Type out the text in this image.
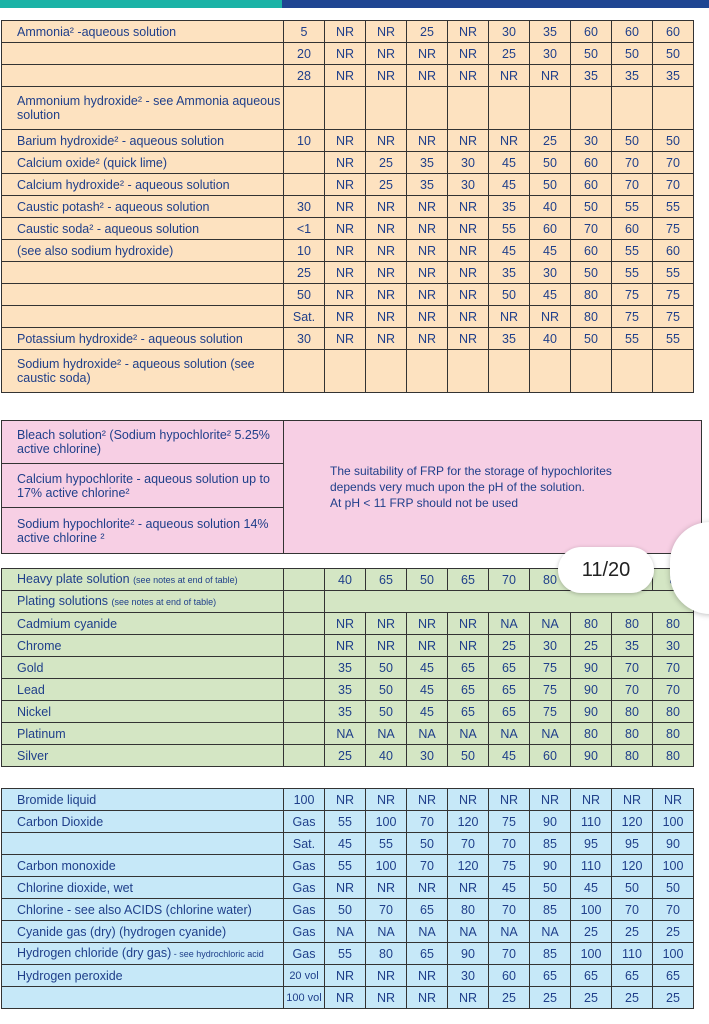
Ammonia² -aqueous solution	5	NR	NR	25	NR	30	35	60	60	60
	20	NR	NR	NR	NR	25	30	50	50	50
	28	NR	NR	NR	NR	NR	NR	35	35	35
Ammonium hydroxide² - see Ammonia aqueous solution										
Barium hydroxide² - aqueous solution	10	NR	NR	NR	NR	NR	25	30	50	50
Calcium oxide² (quick lime)		NR	25	35	30	45	50	60	70	70
Calcium hydroxide² - aqueous solution		NR	25	35	30	45	50	60	70	70
Caustic potash² - aqueous solution	30	NR	NR	NR	NR	35	40	50	55	55
Caustic soda² - aqueous solution	<1	NR	NR	NR	NR	55	60	70	60	75
(see also sodium hydroxide)	10	NR	NR	NR	NR	45	45	60	55	60
	25	NR	NR	NR	NR	35	30	50	55	55
	50	NR	NR	NR	NR	50	45	80	75	75
	Sat.	NR	NR	NR	NR	NR	NR	80	75	75
Potassium hydroxide² - aqueous solution	30	NR	NR	NR	NR	35	40	50	55	55
Sodium hydroxide² - aqueous solution (see caustic soda)										
Bleach solution² (Sodium hypochlorite² 5.25% active chlorine)	
The suitability of FRP for the storage of hypochlorites
depends very much upon the pH of the solution.
At pH < 11 FRP should not be used

Calcium hypochlorite - aqueous solution up to 17% active chlorine²
Sodium hypochlorite² - aqueous solution 14% active chlorine ²
Heavy plate solution (see notes at end of table)		40	65	50	65	70	80			
Plating solutions (see notes at end of table)										
Cadmium cyanide		NR	NR	NR	NR	NA	NA	80	80	80
Chrome		NR	NR	NR	NR	25	30	25	35	30
Gold		35	50	45	65	65	75	90	70	70
Lead		35	50	45	65	65	75	90	70	70
Nickel		35	50	45	65	65	75	90	80	80
Platinum		NA	NA	NA	NA	NA	NA	80	80	80
Silver		25	40	30	50	45	60	90	80	80
Bromide liquid	100	NR	NR	NR	NR	NR	NR	NR	NR	NR
Carbon Dioxide	Gas	55	100	70	120	75	90	110	120	100
	Sat.	45	55	50	70	70	85	95	95	90
Carbon monoxide	Gas	55	100	70	120	75	90	110	120	100
Chlorine dioxide, wet	Gas	NR	NR	NR	NR	45	50	45	50	50
Chlorine - see also ACIDS (chlorine water)	Gas	50	70	65	80	70	85	100	70	70
Cyanide gas (dry) (hydrogen cyanide)	Gas	NA	NA	NA	NA	NA	NA	25	25	25
Hydrogen chloride (dry gas) - see hydrochloric acid	Gas	55	80	65	90	70	85	100	110	100
Hydrogen peroxide	20 vol	NR	NR	NR	30	60	65	65	65	65
	100 vol	NR	NR	NR	NR	25	25	25	25	25
11/20
